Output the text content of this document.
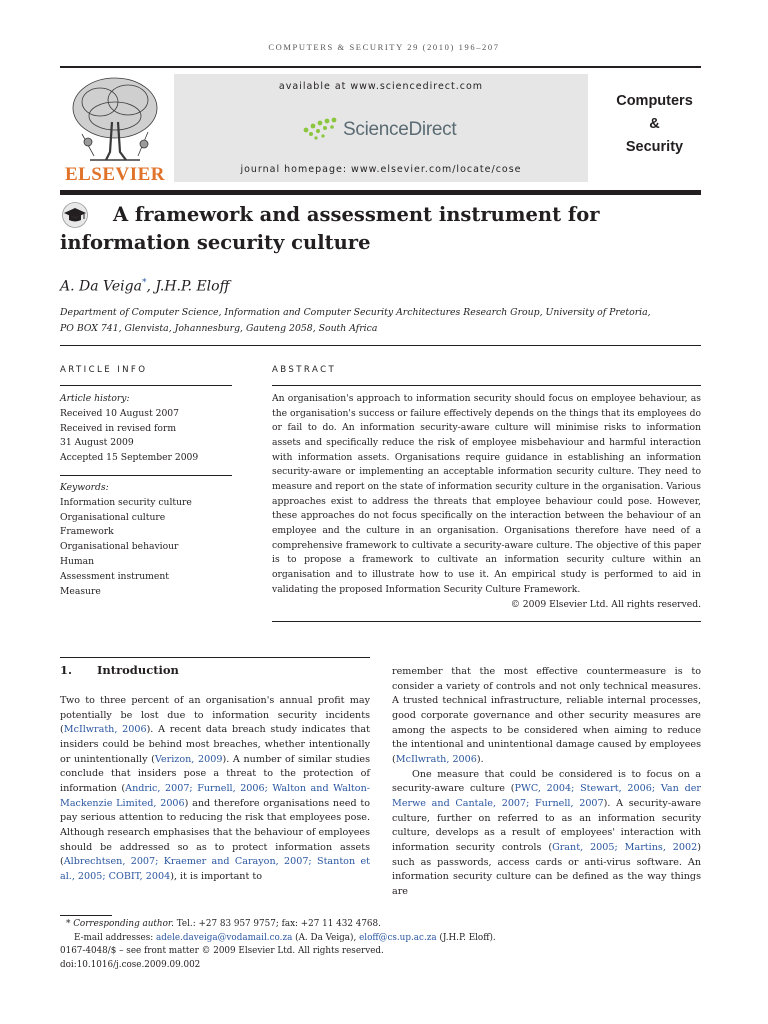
COMPUTERS & SECURITY 29 (2010) 196–207
ELSEVIER
available at www.sciencedirect.com
ScienceDirect
journal homepage: www.elsevier.com/locate/cose
Computers
&
Security
A framework and assessment instrument for
information security culture
A. Da Veiga*, J.H.P. Eloff
Department of Computer Science, Information and Computer Security Architectures Research Group, University of Pretoria,
PO BOX 741, Glenvista, Johannesburg, Gauteng 2058, South Africa
ARTICLE INFO
Article history:
Received 10 August 2007
Received in revised form
31 August 2009
Accepted 15 September 2009
Keywords:
Information security culture
Organisational culture
Framework
Organisational behaviour
Human
Assessment instrument
Measure
ABSTRACT
An organisation's approach to information security should focus on employee behaviour, as the organisation's success or failure effectively depends on the things that its employees do or fail to do. An information security-aware culture will minimise risks to information assets and specifically reduce the risk of employee misbehaviour and harmful interaction with information assets. Organisations require guidance in establishing an information security-aware or implementing an acceptable information security culture. They need to measure and report on the state of information security culture in the organisation. Various approaches exist to address the threats that employee behaviour could pose. However, these approaches do not focus specifically on the interaction between the behaviour of an employee and the culture in an organisation. Organisations therefore have need of a comprehensive framework to cultivate a security-aware culture. The objective of this paper is to propose a framework to cultivate an information security culture within an organisation and to illustrate how to use it. An empirical study is performed to aid in validating the proposed Information Security Culture Framework.
© 2009 Elsevier Ltd. All rights reserved.
1. Introduction

Two to three percent of an organisation's annual profit may potentially be lost due to information security incidents (McIlwrath, 2006). A recent data breach study indicates that insiders could be behind most breaches, whether intentionally or unintentionally (Verizon, 2009). A number of similar studies conclude that insiders pose a threat to the protection of information (Andric, 2007; Furnell, 2006; Walton and Walton-Mackenzie Limited, 2006) and therefore organisations need to pay serious attention to reducing the risk that employees pose. Although research emphasises that the behaviour of employees should be addressed so as to protect information assets (Albrechtsen, 2007; Kraemer and Carayon, 2007; Stanton et al., 2005; COBIT, 2004), it is important to

remember that the most effective countermeasure is to consider a variety of controls and not only technical measures. A trusted technical infrastructure, reliable internal processes, good corporate governance and other security measures are among the aspects to be considered when aiming to reduce the intentional and unintentional damage caused by employees (McIlwrath, 2006).

One measure that could be considered is to focus on a security-aware culture (PWC, 2004; Stewart, 2006; Van der Merwe and Cantale, 2007; Furnell, 2007). A security-aware culture, further on referred to as an information security culture, develops as a result of employees' interaction with information security controls (Grant, 2005; Martins, 2002) such as passwords, access cards or anti-virus software. An information security culture can be defined as the way things are

* Corresponding author. Tel.: +27 83 957 9757; fax: +27 11 432 4768.
E-mail addresses: adele.daveiga@vodamail.co.za (A. Da Veiga), eloff@cs.up.ac.za (J.H.P. Eloff).
0167-4048/$ – see front matter © 2009 Elsevier Ltd. All rights reserved.
doi:10.1016/j.cose.2009.09.002
